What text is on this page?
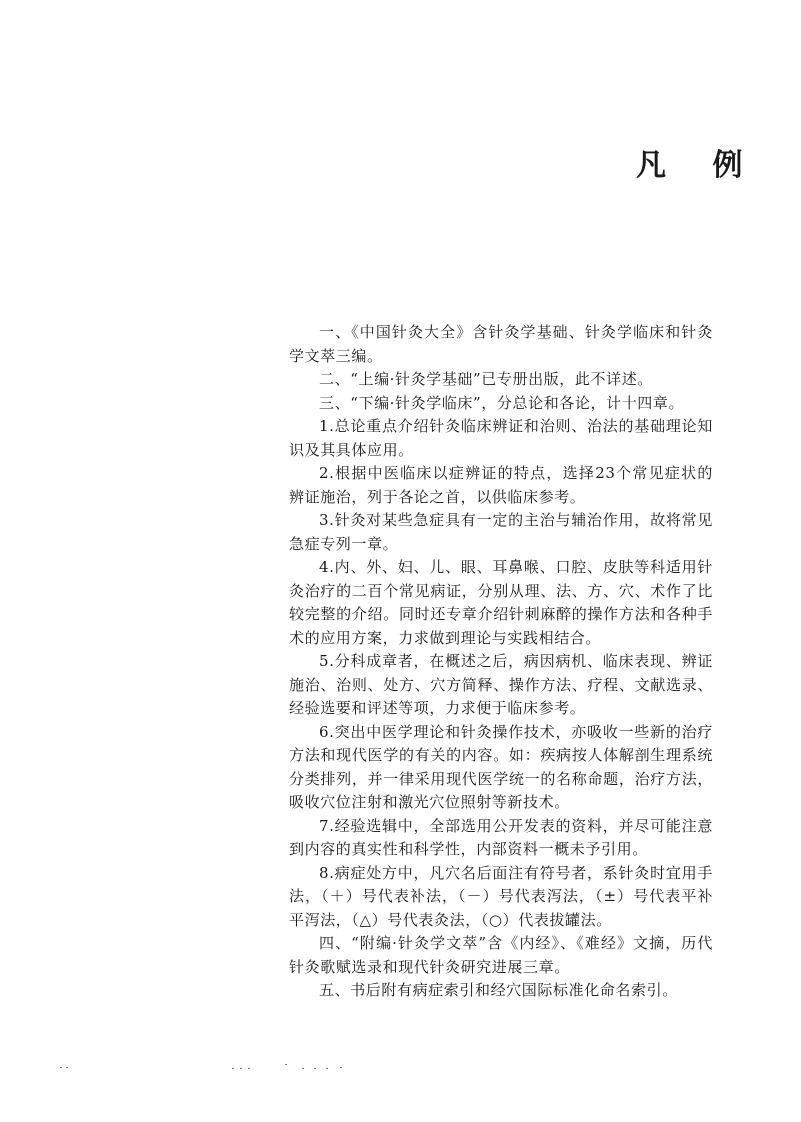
凡 例

一、《中国针灸大全》含针灸学基础、针灸学临床和针灸学文萃三编。

二、“上编·针灸学基础”已专册出版，此不详述。

三、“下编·针灸学临床”，分总论和各论，计十四章。

1.总论重点介绍针灸临床辨证和治则、治法的基础理论知识及其具体应用。

2.根据中医临床以症辨证的特点，选择23个常见症状的辨证施治，列于各论之首，以供临床参考。

3.针灸对某些急症具有一定的主治与辅治作用，故将常见急症专列一章。

4.内、外、妇、儿、眼、耳鼻喉、口腔、皮肤等科适用针灸治疗的二百个常见病证，分别从理、法、方、穴、术作了比较完整的介绍。同时还专章介绍针刺麻醉的操作方法和各种手术的应用方案，力求做到理论与实践相结合。

5.分科成章者，在概述之后，病因病机、临床表现、辨证施治、治则、处方、穴方简释、操作方法、疗程、文献选录、经验选要和评述等项，力求便于临床参考。

6.突出中医学理论和针灸操作技术，亦吸收一些新的治疗方法和现代医学的有关的内容。如：疾病按人体解剖生理系统分类排列，并一律采用现代医学统一的名称命题，治疗方法，吸收穴位注射和激光穴位照射等新技术。

7.经验选辑中，全部选用公开发表的资料，并尽可能注意到内容的真实性和科学性，内部资料一概未予引用。

8.病症处方中，凡穴名后面注有符号者，系针灸时宜用手法，（＋）号代表补法，（－）号代表泻法，（±）号代表平补平泻法，（△）号代表灸法，（○）代表拔罐法。

四、“附编·针灸学文萃”含《内经》、《难经》文摘，历代针灸歌赋选录和现代针灸研究进展三章。

五、书后附有病症索引和经穴国际标准化命名索引。
